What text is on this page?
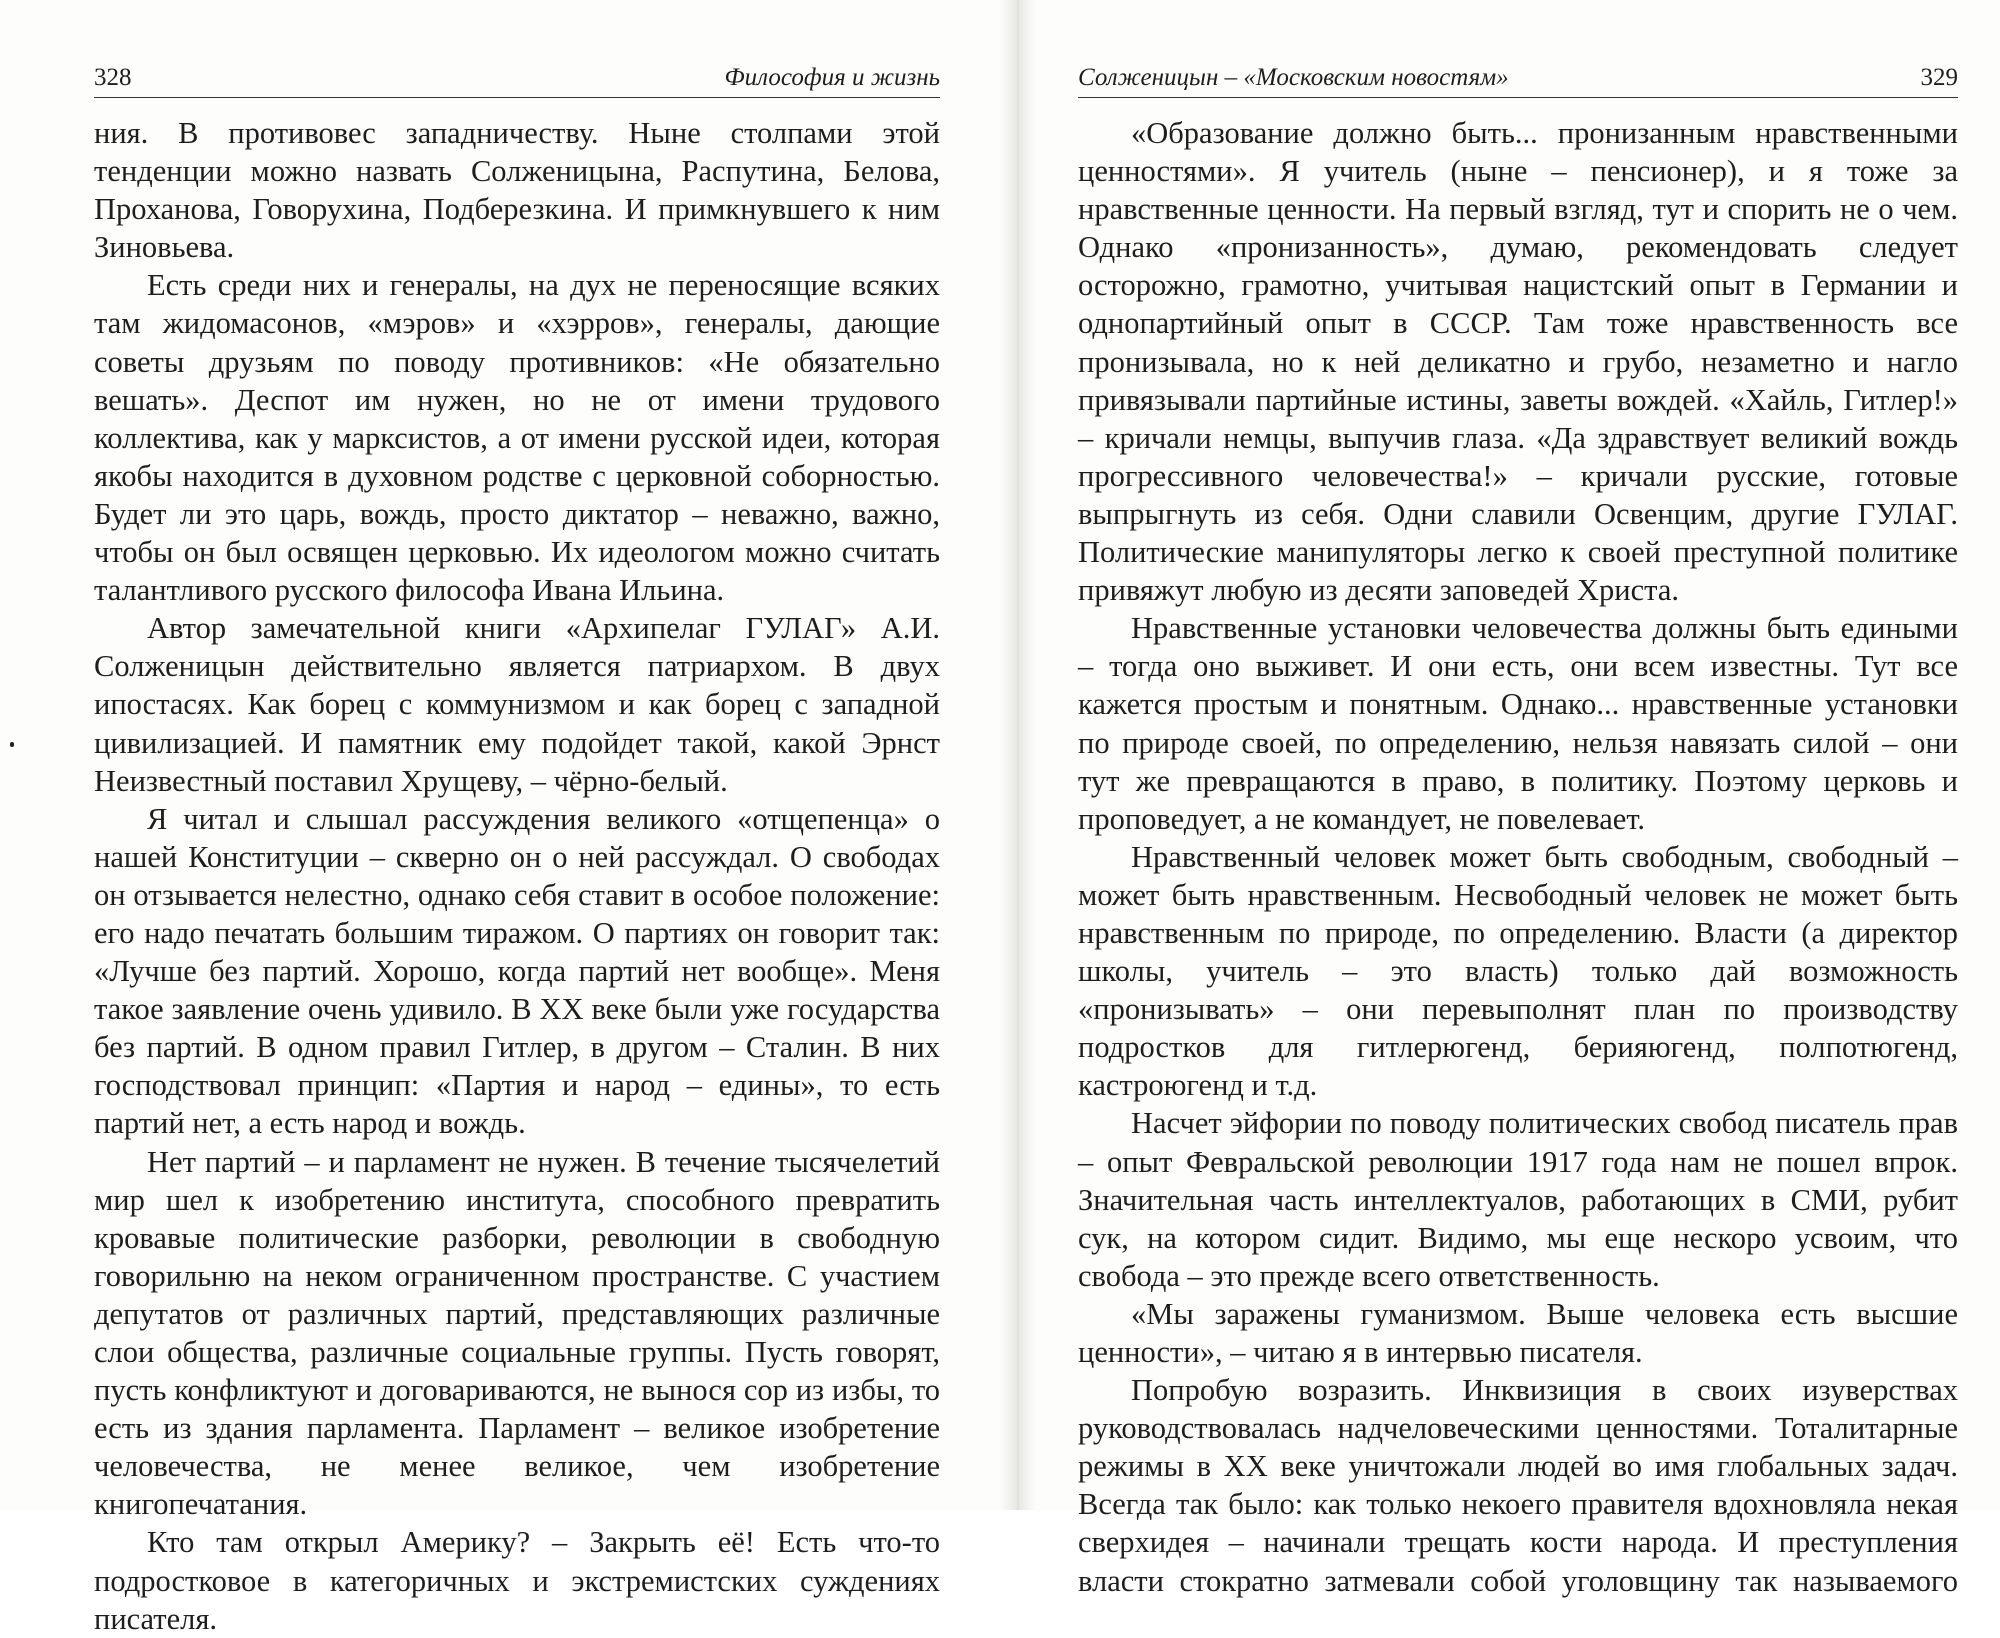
328	Философия и жизнь

ния. В противовес западничеству. Ныне столпами этой тенденции можно назвать Солженицына, Распутина, Белова, Проханова, Говорухина, Подберезкина. И примкнувшего к ним Зиновьева.

Есть среди них и генералы, на дух не переносящие всяких там жидомасонов, «мэров» и «хэрров», генералы, дающие советы друзьям по поводу противников: «Не обязательно вешать». Деспот им нужен, но не от имени трудового коллектива, как у марксистов, а от имени русской идеи, которая якобы находится в духовном родстве с церковной соборностью. Будет ли это царь, вождь, просто диктатор – неважно, важно, чтобы он был освящен церковью. Их идеологом можно считать талантливого русского философа Ивана Ильина.

Автор замечательной книги «Архипелаг ГУЛАГ» А.И. Солженицын действительно является патриархом. В двух ипостасях. Как борец с коммунизмом и как борец с западной цивилизацией. И памятник ему подойдет такой, какой Эрнст Неизвестный поставил Хрущеву, – чёрно-белый.

Я читал и слышал рассуждения великого «отщепенца» о нашей Конституции – скверно он о ней рассуждал. О свободах он отзывается нелестно, однако себя ставит в особое положение: его надо печатать большим тиражом. О партиях он говорит так: «Лучше без партий. Хорошо, когда партий нет вообще». Меня такое заявление очень удивило. В ХХ веке были уже государства без партий. В одном правил Гитлер, в другом – Сталин. В них господствовал принцип: «Партия и народ – едины», то есть партий нет, а есть народ и вождь.

Нет партий – и парламент не нужен. В течение тысячелетий мир шел к изобретению института, способного превратить кровавые политические разборки, революции в свободную говорильню на неком ограниченном пространстве. С участием депутатов от различных партий, представляющих различные слои общества, различные социальные группы. Пусть говорят, пусть конфликтуют и договариваются, не вынося сор из избы, то есть из здания парламента. Парламент – великое изобретение человечества, не менее великое, чем изобретение книгопечатания.

Кто там открыл Америку? – Закрыть её! Есть что-то подростковое в категоричных и экстремистских суждениях писателя.

Солженицын – «Московским новостям»	329

«Образование должно быть... пронизанным нравственными ценностями». Я учитель (ныне – пенсионер), и я тоже за нравственные ценности. На первый взгляд, тут и спорить не о чем. Однако «пронизанность», думаю, рекомендовать следует осторожно, грамотно, учитывая нацистский опыт в Германии и однопартийный опыт в СССР. Там тоже нравственность все пронизывала, но к ней деликатно и грубо, незаметно и нагло привязывали партийные истины, заветы вождей. «Хайль, Гитлер!» – кричали немцы, выпучив глаза. «Да здравствует великий вождь прогрессивного человечества!» – кричали русские, готовые выпрыгнуть из себя. Одни славили Освенцим, другие ГУЛАГ. Политические манипуляторы легко к своей преступной политике привяжут любую из десяти заповедей Христа.

Нравственные установки человечества должны быть едиными – тогда оно выживет. И они есть, они всем известны. Тут все кажется простым и понятным. Однако... нравственные установки по природе своей, по определению, нельзя навязать силой – они тут же превращаются в право, в политику. Поэтому церковь и проповедует, а не командует, не повелевает.

Нравственный человек может быть свободным, свободный – может быть нравственным. Несвободный человек не может быть нравственным по природе, по определению. Власти (а директор школы, учитель – это власть) только дай возможность «пронизывать» – они перевыполнят план по производству подростков для гитлерюгенд, берияюгенд, полпотюгенд, кастроюгенд и т.д.

Насчет эйфории по поводу политических свобод писатель прав – опыт Февральской революции 1917 года нам не пошел впрок. Значительная часть интеллектуалов, работающих в СМИ, рубит сук, на котором сидит. Видимо, мы еще нескоро усвоим, что свобода – это прежде всего ответственность.

«Мы заражены гуманизмом. Выше человека есть высшие ценности», – читаю я в интервью писателя.

Попробую возразить. Инквизиция в своих изуверствах руководствовалась надчеловеческими ценностями. Тоталитарные режимы в ХХ веке уничтожали людей во имя глобальных задач. Всегда так было: как только некоего правителя вдохновляла некая сверхидея – начинали трещать кости народа. И преступления власти стократно затмевали собой уголовщину так называемого
